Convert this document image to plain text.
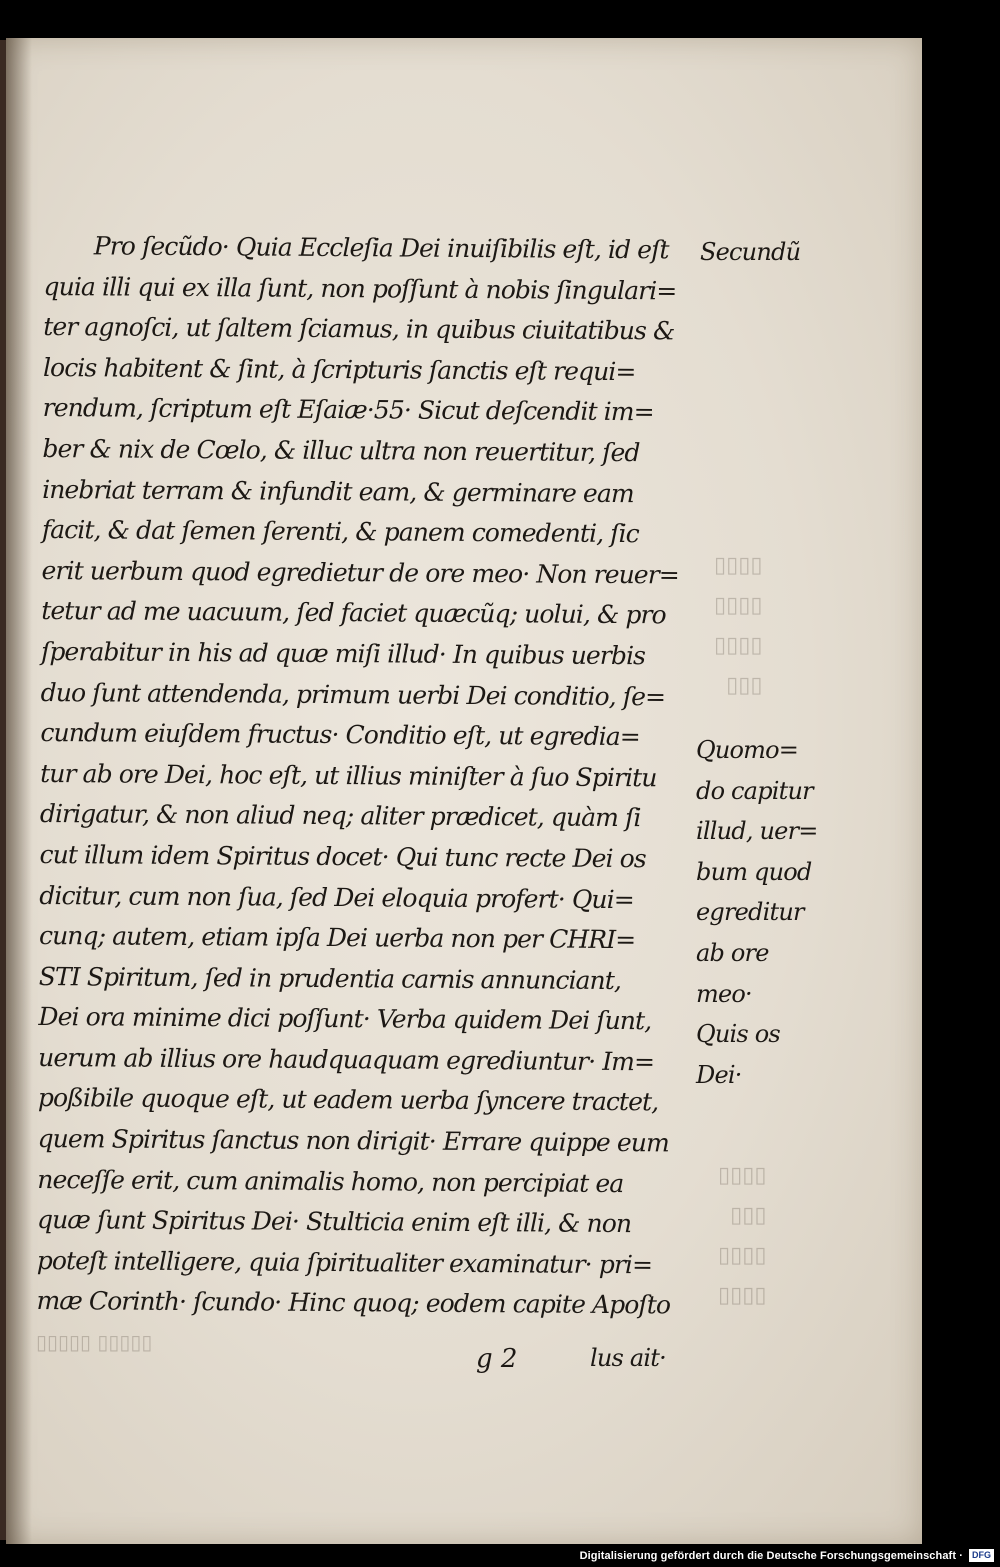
Pro ſecũdo· Quia Eccleſia Dei inuiſibilis eſt, id eſt
quia illi qui ex illa ſunt, non poſſunt à nobis ſingulari=
ter agnoſci, ut ſaltem ſciamus, in quibus ciuitatibus &
locis habitent & ſint, à ſcripturis ſanctis eſt requi=
rendum, ſcriptum eſt Eſaiæ·55· Sicut deſcendit im=
ber & nix de Cœlo, & illuc ultra non reuertitur, ſed
inebriat terram & infundit eam, & germinare eam
facit, & dat ſemen ſerenti, & panem comedenti, ſic
erit uerbum quod egredietur de ore meo· Non reuer=
tetur ad me uacuum, ſed faciet quæcũq; uolui, & pro
ſperabitur in his ad quæ miſi illud· In quibus uerbis
duo ſunt attendenda, primum uerbi Dei conditio, ſe=
cundum eiuſdem fructus· Conditio eſt, ut egredia=
tur ab ore Dei, hoc eſt, ut illius miniſter à ſuo Spiritu
dirigatur, & non aliud neq; aliter prædicet, quàm ſi
cut illum idem Spiritus docet· Qui tunc recte Dei os
dicitur, cum non ſua, ſed Dei eloquia profert· Qui=
cunq; autem, etiam ipſa Dei uerba non per CHRI=
STI Spiritum, ſed in prudentia carnis annunciant,
Dei ora minime dici poſſunt· Verba quidem Dei ſunt,
uerum ab illius ore haudquaquam egrediuntur· Im=
poßibile quoque eſt, ut eadem uerba ſyncere tractet,
quem Spiritus ſanctus non dirigit· Errare quippe eum
neceſſe erit, cum animalis homo, non percipiat ea
quæ ſunt Spiritus Dei· Stulticia enim eſt illi, & non
poteſt intelligere, quia ſpiritualiter examinatur· pri=
mæ Corinth· ſcundo· Hinc quoq; eodem capite Apoſto
Secundũ
Quomo=
do capitur
illud, uer=
bum quod
egreditur
ab ore
meo·
Quis os
Dei·
▯▯▯▯
▯▯▯▯
▯▯▯▯
▯▯▯
▯▯▯▯
▯▯▯
▯▯▯▯
▯▯▯▯
▯▯▯▯▯ ▯▯▯▯▯
g 2	lus ait·
Digitalisierung gefördert durch die Deutsche Forschungsgemeinschaft ·	DFG
